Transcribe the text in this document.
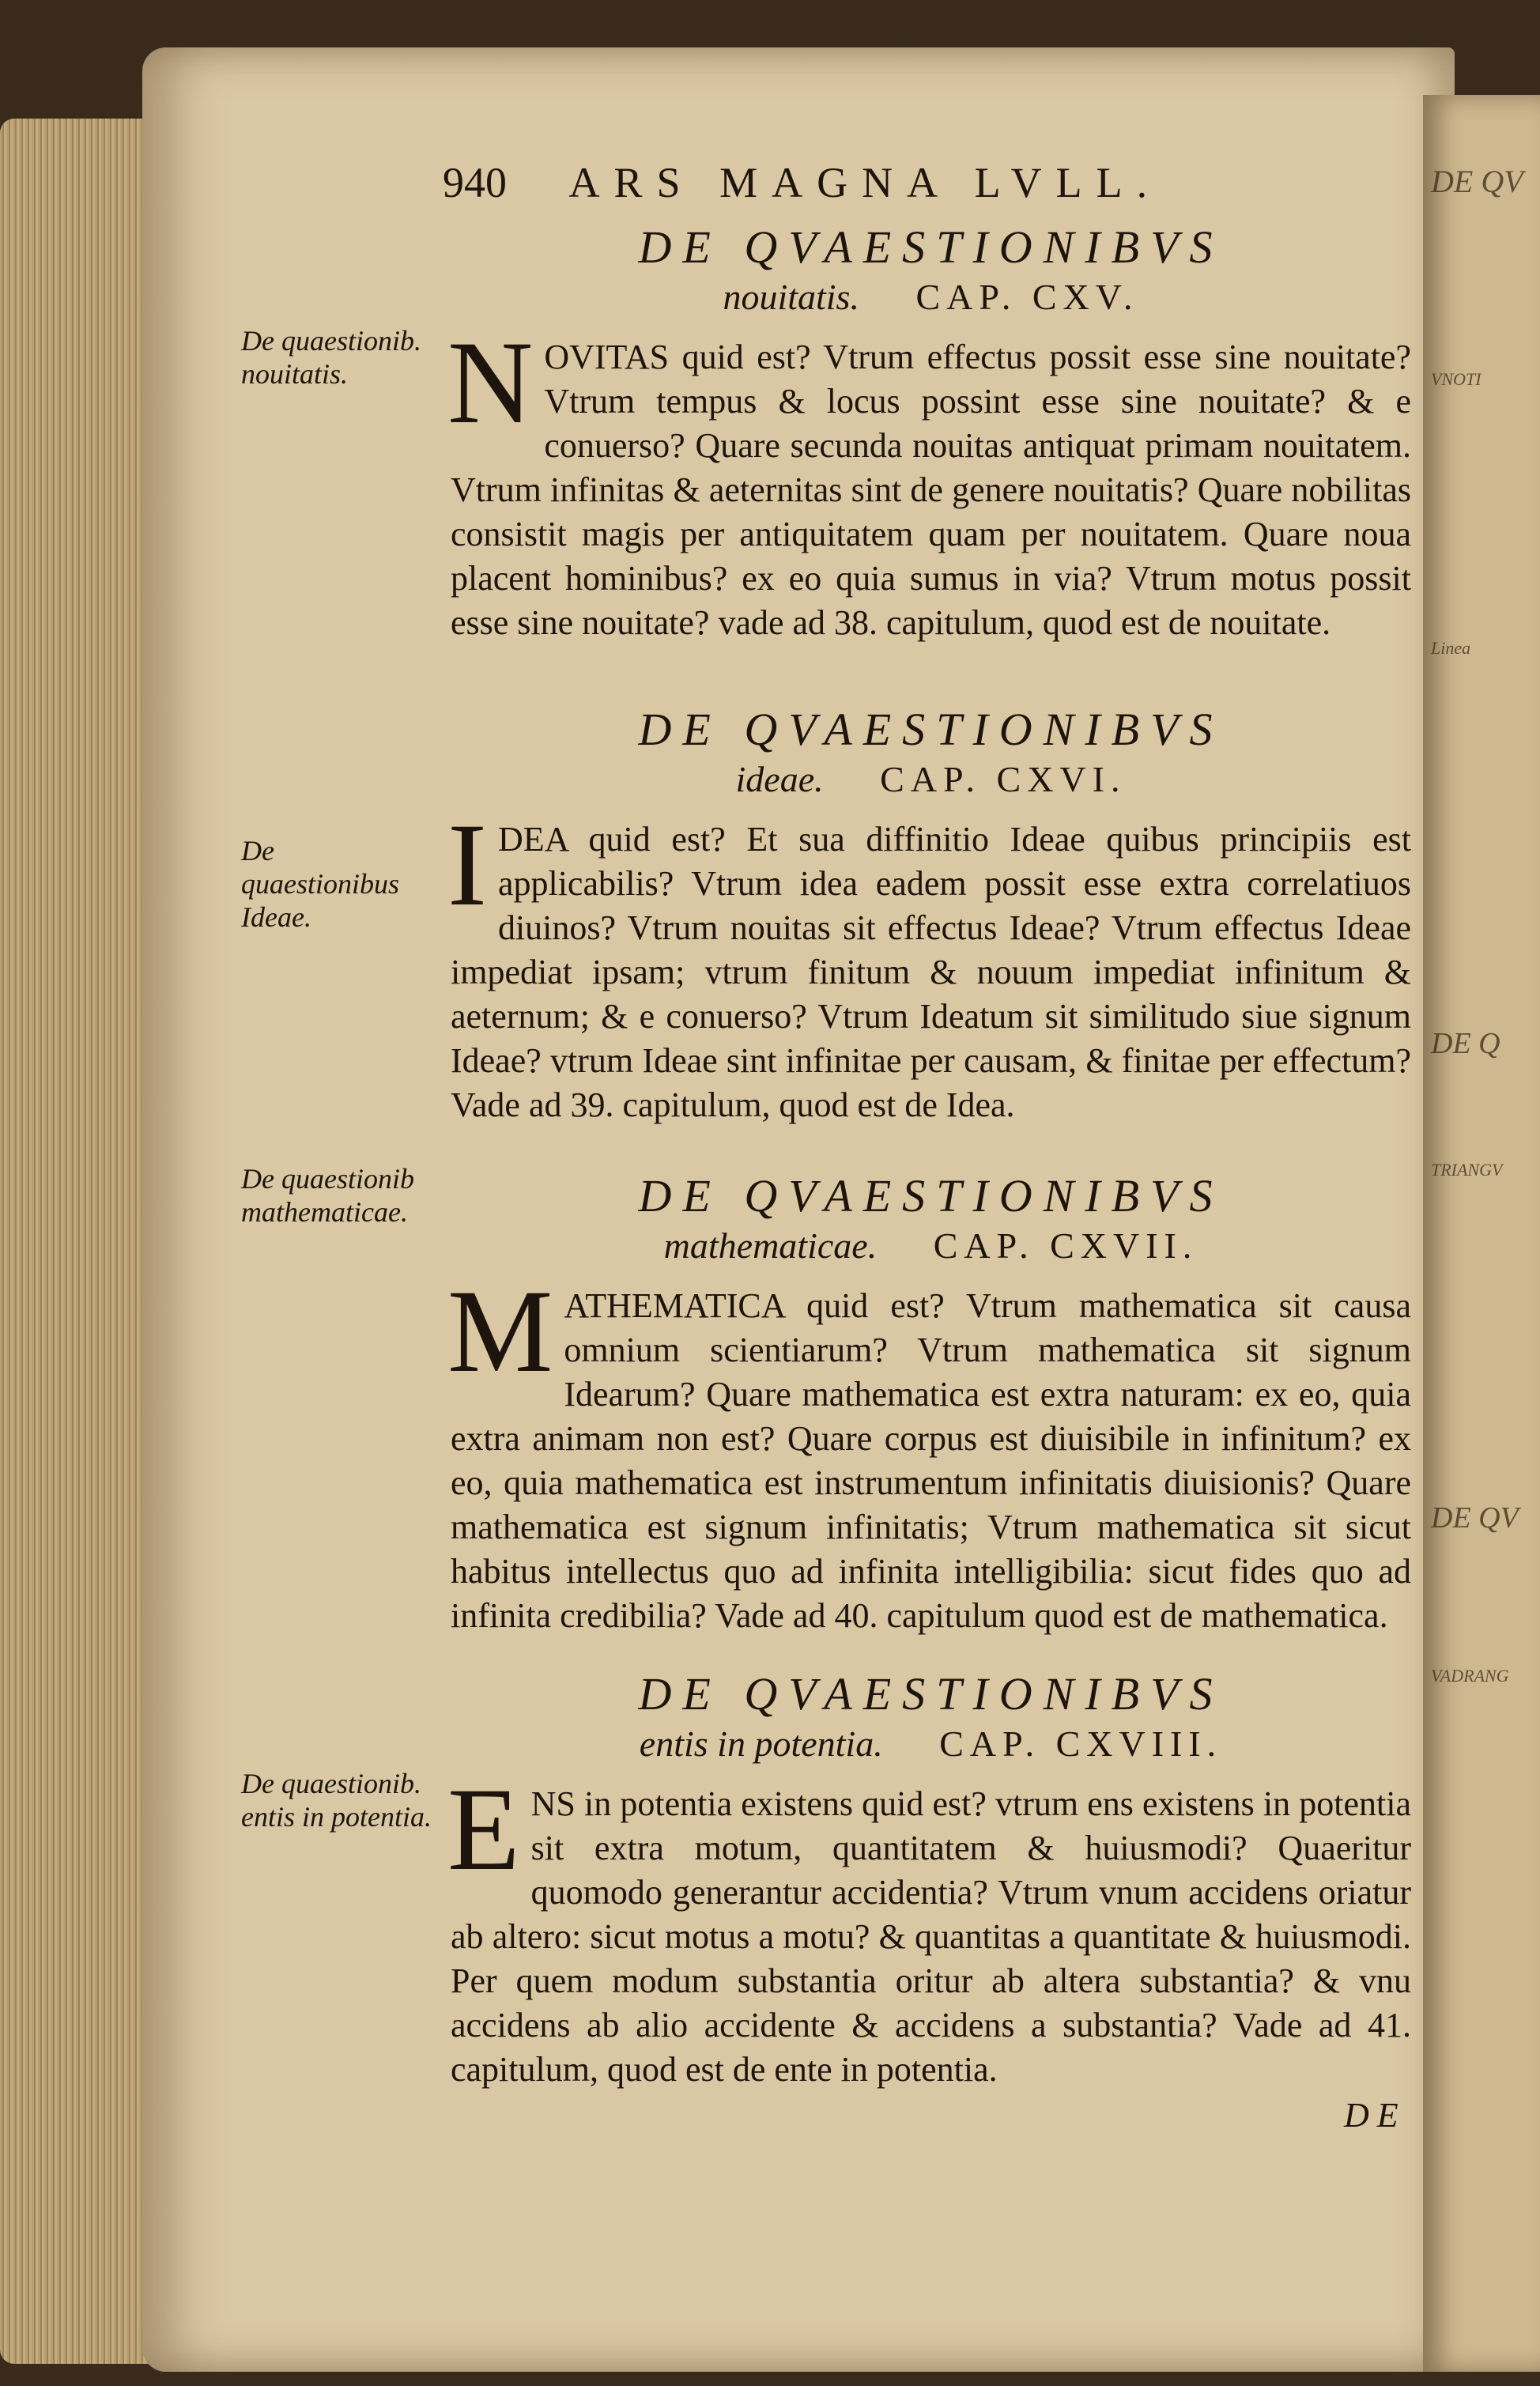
DE QV
VNOTI
Linea
DE Q
TRIANGV
DE QV
VADRANG
940 ARS MAGNA LVLL.
De quaestionib. nouitatis.
DE QVAESTIONIBVS
nouitatis. CAP. CXV.
N OVITAS quid est? Vtrum effectus possit esse sine nouitate? Vtrum tempus & locus possint esse sine nouitate? & e conuerso? Quare secunda nouitas antiquat primam nouitatem. Vtrum infinitas & aeternitas sint de genere nouitatis? Quare nobilitas consistit magis per antiquitatem quam per nouitatem. Quare noua placent hominibus? ex eo quia sumus in via? Vtrum motus possit esse sine nouitate? vade ad 38. capitulum, quod est de nouitate.
De quaestionibus Ideae.
DE QVAESTIONIBVS
ideae. CAP. CXVI.
I DEA quid est? Et sua diffinitio Ideae quibus principiis est applicabilis? Vtrum idea eadem possit esse extra correlatiuos diuinos? Vtrum nouitas sit effectus Ideae? Vtrum effectus Ideae impediat ipsam; vtrum finitum & nouum impediat infinitum & aeternum; & e conuerso? Vtrum Ideatum sit similitudo siue signum Ideae? vtrum Ideae sint infinitae per causam, & finitae per effectum? Vade ad 39. capitulum, quod est de Idea.
De quaestionib mathematicae.	DE QVAESTIONIBVS
mathematicae. CAP. CXVII.
M ATHEMATICA quid est? Vtrum mathematica sit causa omnium scientiarum? Vtrum mathematica sit signum Idearum? Quare mathematica est extra naturam: ex eo, quia extra animam non est? Quare corpus est diuisibile in infinitum? ex eo, quia mathematica est instrumentum infinitatis diuisionis? Quare mathematica est signum infinitatis; Vtrum mathematica sit sicut habitus intellectus quo ad infinita intelligibilia: sicut fides quo ad infinita credibilia? Vade ad 40. capitulum quod est de mathematica.
De quaestionib. entis in potentia.
DE QVAESTIONIBVS
entis in potentia. CAP. CXVIII.
E NS in potentia existens quid est? vtrum ens existens in potentia sit extra motum, quantitatem & huiusmodi? Quaeritur quomodo generantur accidentia? Vtrum vnum accidens oriatur ab altero: sicut motus a motu? & quantitas a quantitate & huiusmodi. Per quem modum substantia oritur ab altera substantia? & vnu accidens ab alio accidente & accidens a substantia? Vade ad 41. capitulum, quod est de ente in potentia.
DE
